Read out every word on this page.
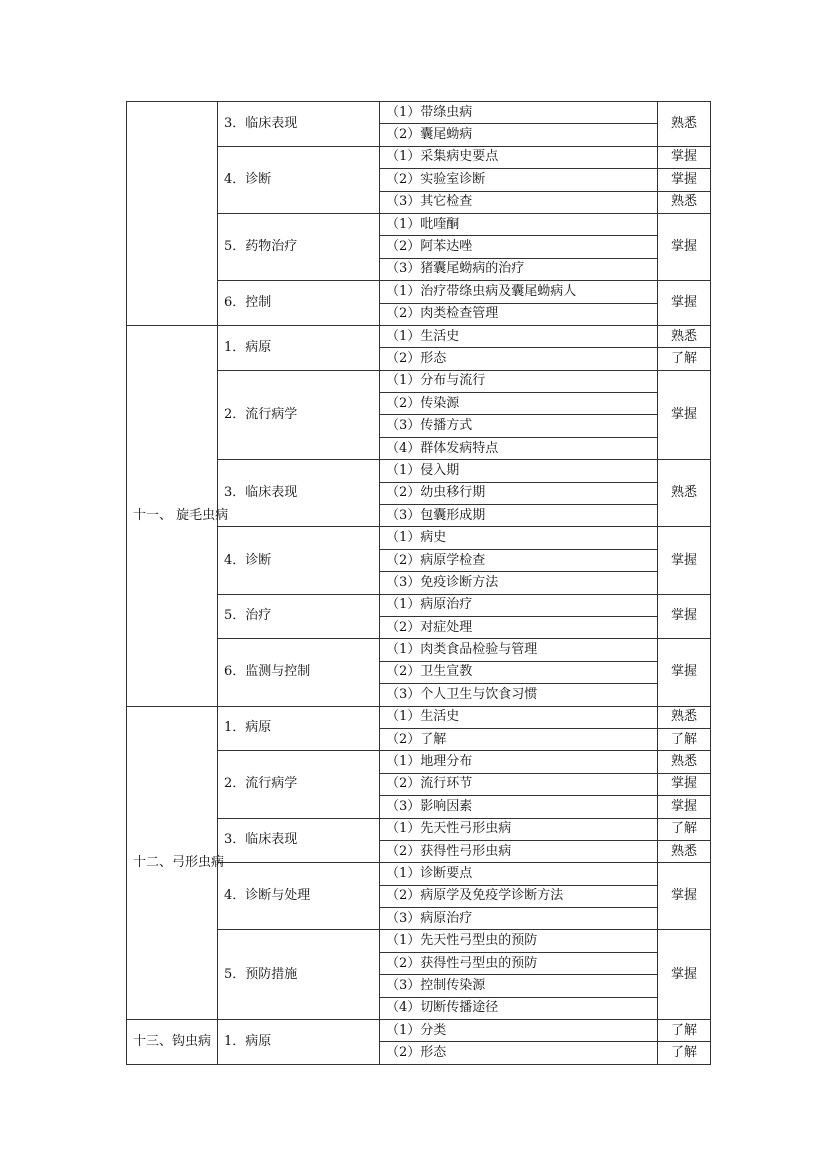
	3．临床表现	（1）带绦虫病	熟悉
		（2）囊尾蚴病	
	4．诊断	（1）采集病史要点	掌握
		（2）实验室诊断	掌握
		（3）其它检查	熟悉
	5．药物治疗	（1）吡喹酮	掌握
		（2）阿苯达唑	
		（3）猪囊尾蚴病的治疗	
	6．控制	（1）治疗带绦虫病及囊尾蚴病人	掌握
		（2）肉类检查管理	
十一、 旋毛虫病	1．病原	（1）生活史	熟悉
		（2）形态	了解
	2．流行病学	（1）分布与流行	掌握
		（2）传染源	
		（3）传播方式	
		（4）群体发病特点	
	3．临床表现	（1）侵入期	熟悉
		（2）幼虫移行期	
		（3）包囊形成期	
	4．诊断	（1）病史	掌握
		（2）病原学检查	
		（3）免疫诊断方法	
	5．治疗	（1）病原治疗	掌握
		（2）对症处理	
	6．监测与控制	（1）肉类食品检验与管理	掌握
		（2）卫生宣教	
		（3）个人卫生与饮食习惯	
十二、弓形虫病	1．病原	（1）生活史	熟悉
		（2）了解	了解
	2．流行病学	（1）地理分布	熟悉
		（2）流行环节	掌握
		（3）影响因素	掌握
	3．临床表现	（1）先天性弓形虫病	了解
		（2）获得性弓形虫病	熟悉
	4．诊断与处理	（1）诊断要点	掌握
		（2）病原学及免疫学诊断方法	
		（3）病原治疗	
	5．预防措施	（1）先天性弓型虫的预防	掌握
		（2）获得性弓型虫的预防	
		（3）控制传染源	
		（4）切断传播途径	
十三、钩虫病	1．病原	（1）分类	了解
		（2）形态	了解
